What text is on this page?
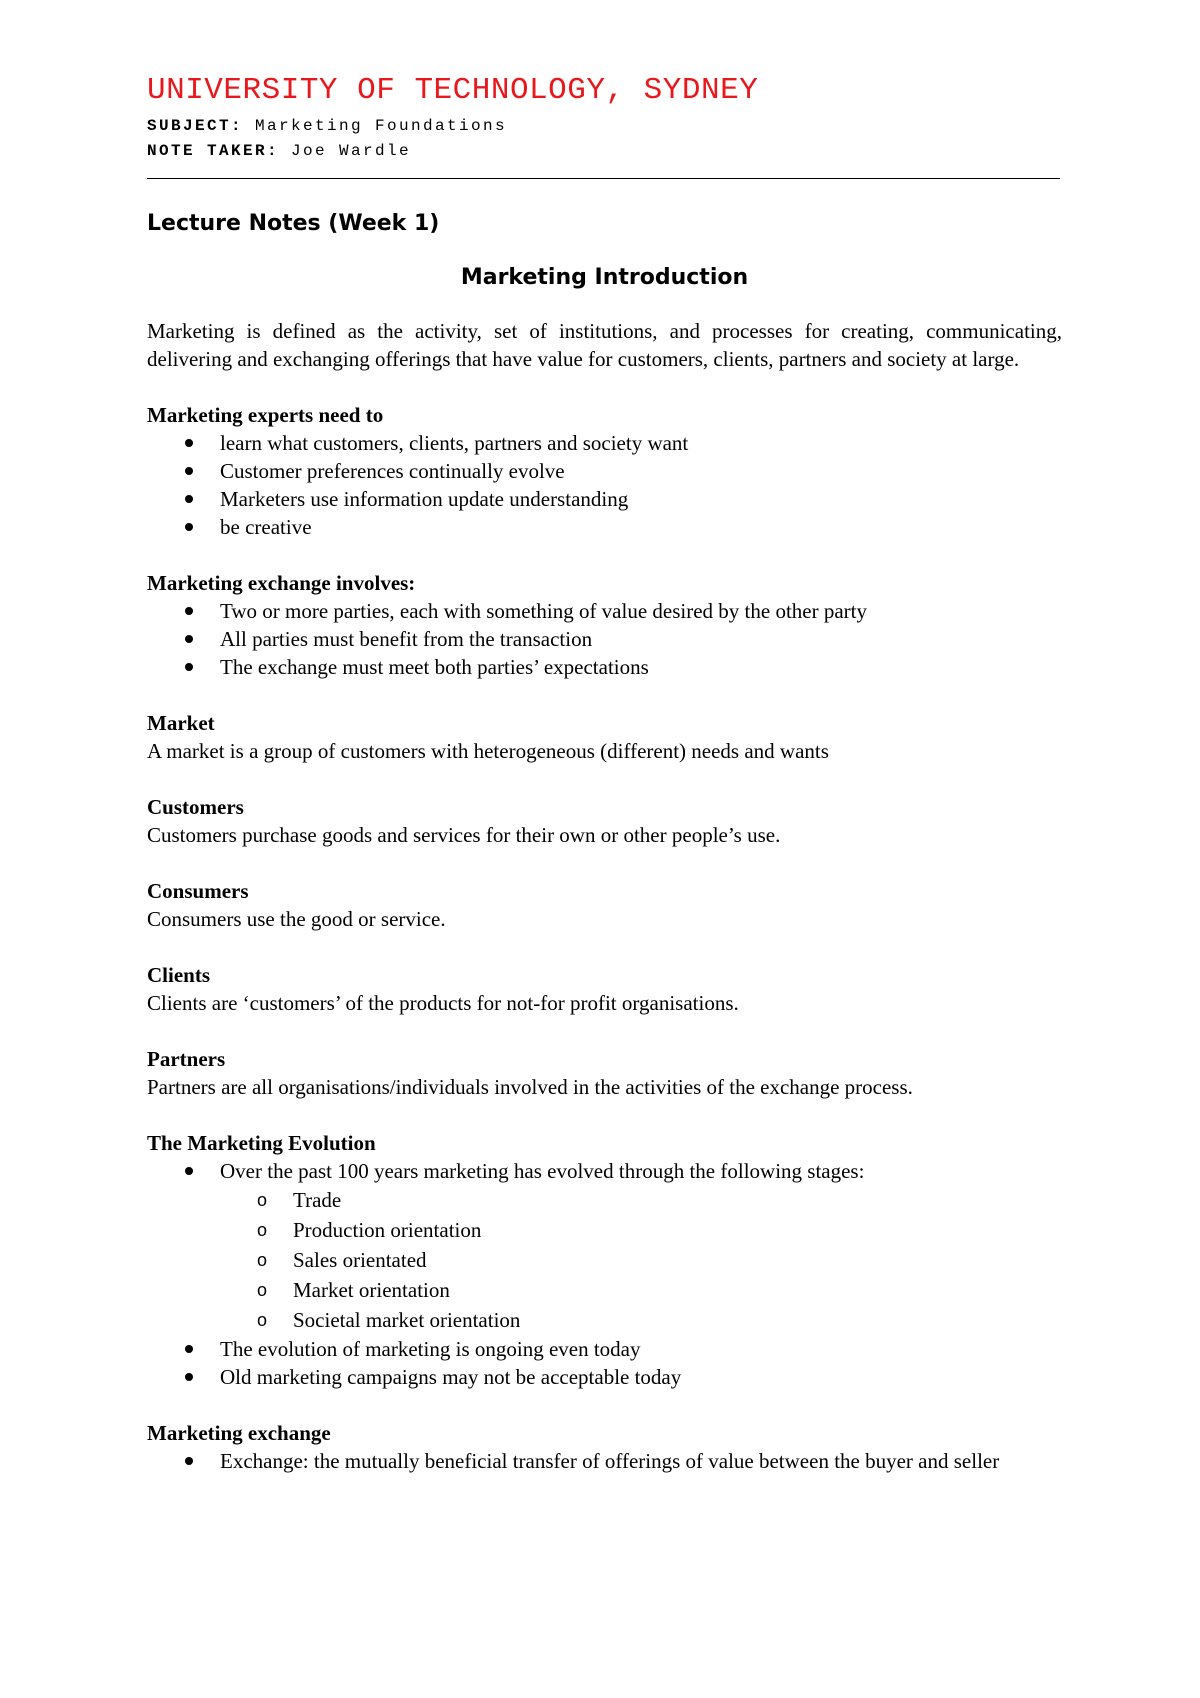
UNIVERSITY OF TECHNOLOGY, SYDNEY
SUBJECT: Marketing Foundations
NOTE TAKER: Joe Wardle
Lecture Notes (Week 1)
Marketing Introduction

Marketing is defined as the activity, set of institutions, and processes for creating, communicating, delivering and exchanging offerings that have value for customers, clients, partners and society at large.

Marketing experts need to

learn what customers, clients, partners and society want
Customer preferences continually evolve
Marketers use information update understanding
be creative

Marketing exchange involves:

Two or more parties, each with something of value desired by the other party
All parties must benefit from the transaction
The exchange must meet both parties’ expectations

Market

A market is a group of customers with heterogeneous (different) needs and wants

Customers

Customers purchase goods and services for their own or other people’s use.

Consumers

Consumers use the good or service.

Clients

Clients are ‘customers’ of the products for not-for profit organisations.

Partners

Partners are all organisations/individuals involved in the activities of the exchange process.

The Marketing Evolution

Over the past 100 years marketing has evolved through the following stages:
o Trade
o Production orientation
o Sales orientated
o Market orientation
o Societal market orientation
The evolution of marketing is ongoing even today
Old marketing campaigns may not be acceptable today

Marketing exchange

Exchange: the mutually beneficial transfer of offerings of value between the buyer and seller
